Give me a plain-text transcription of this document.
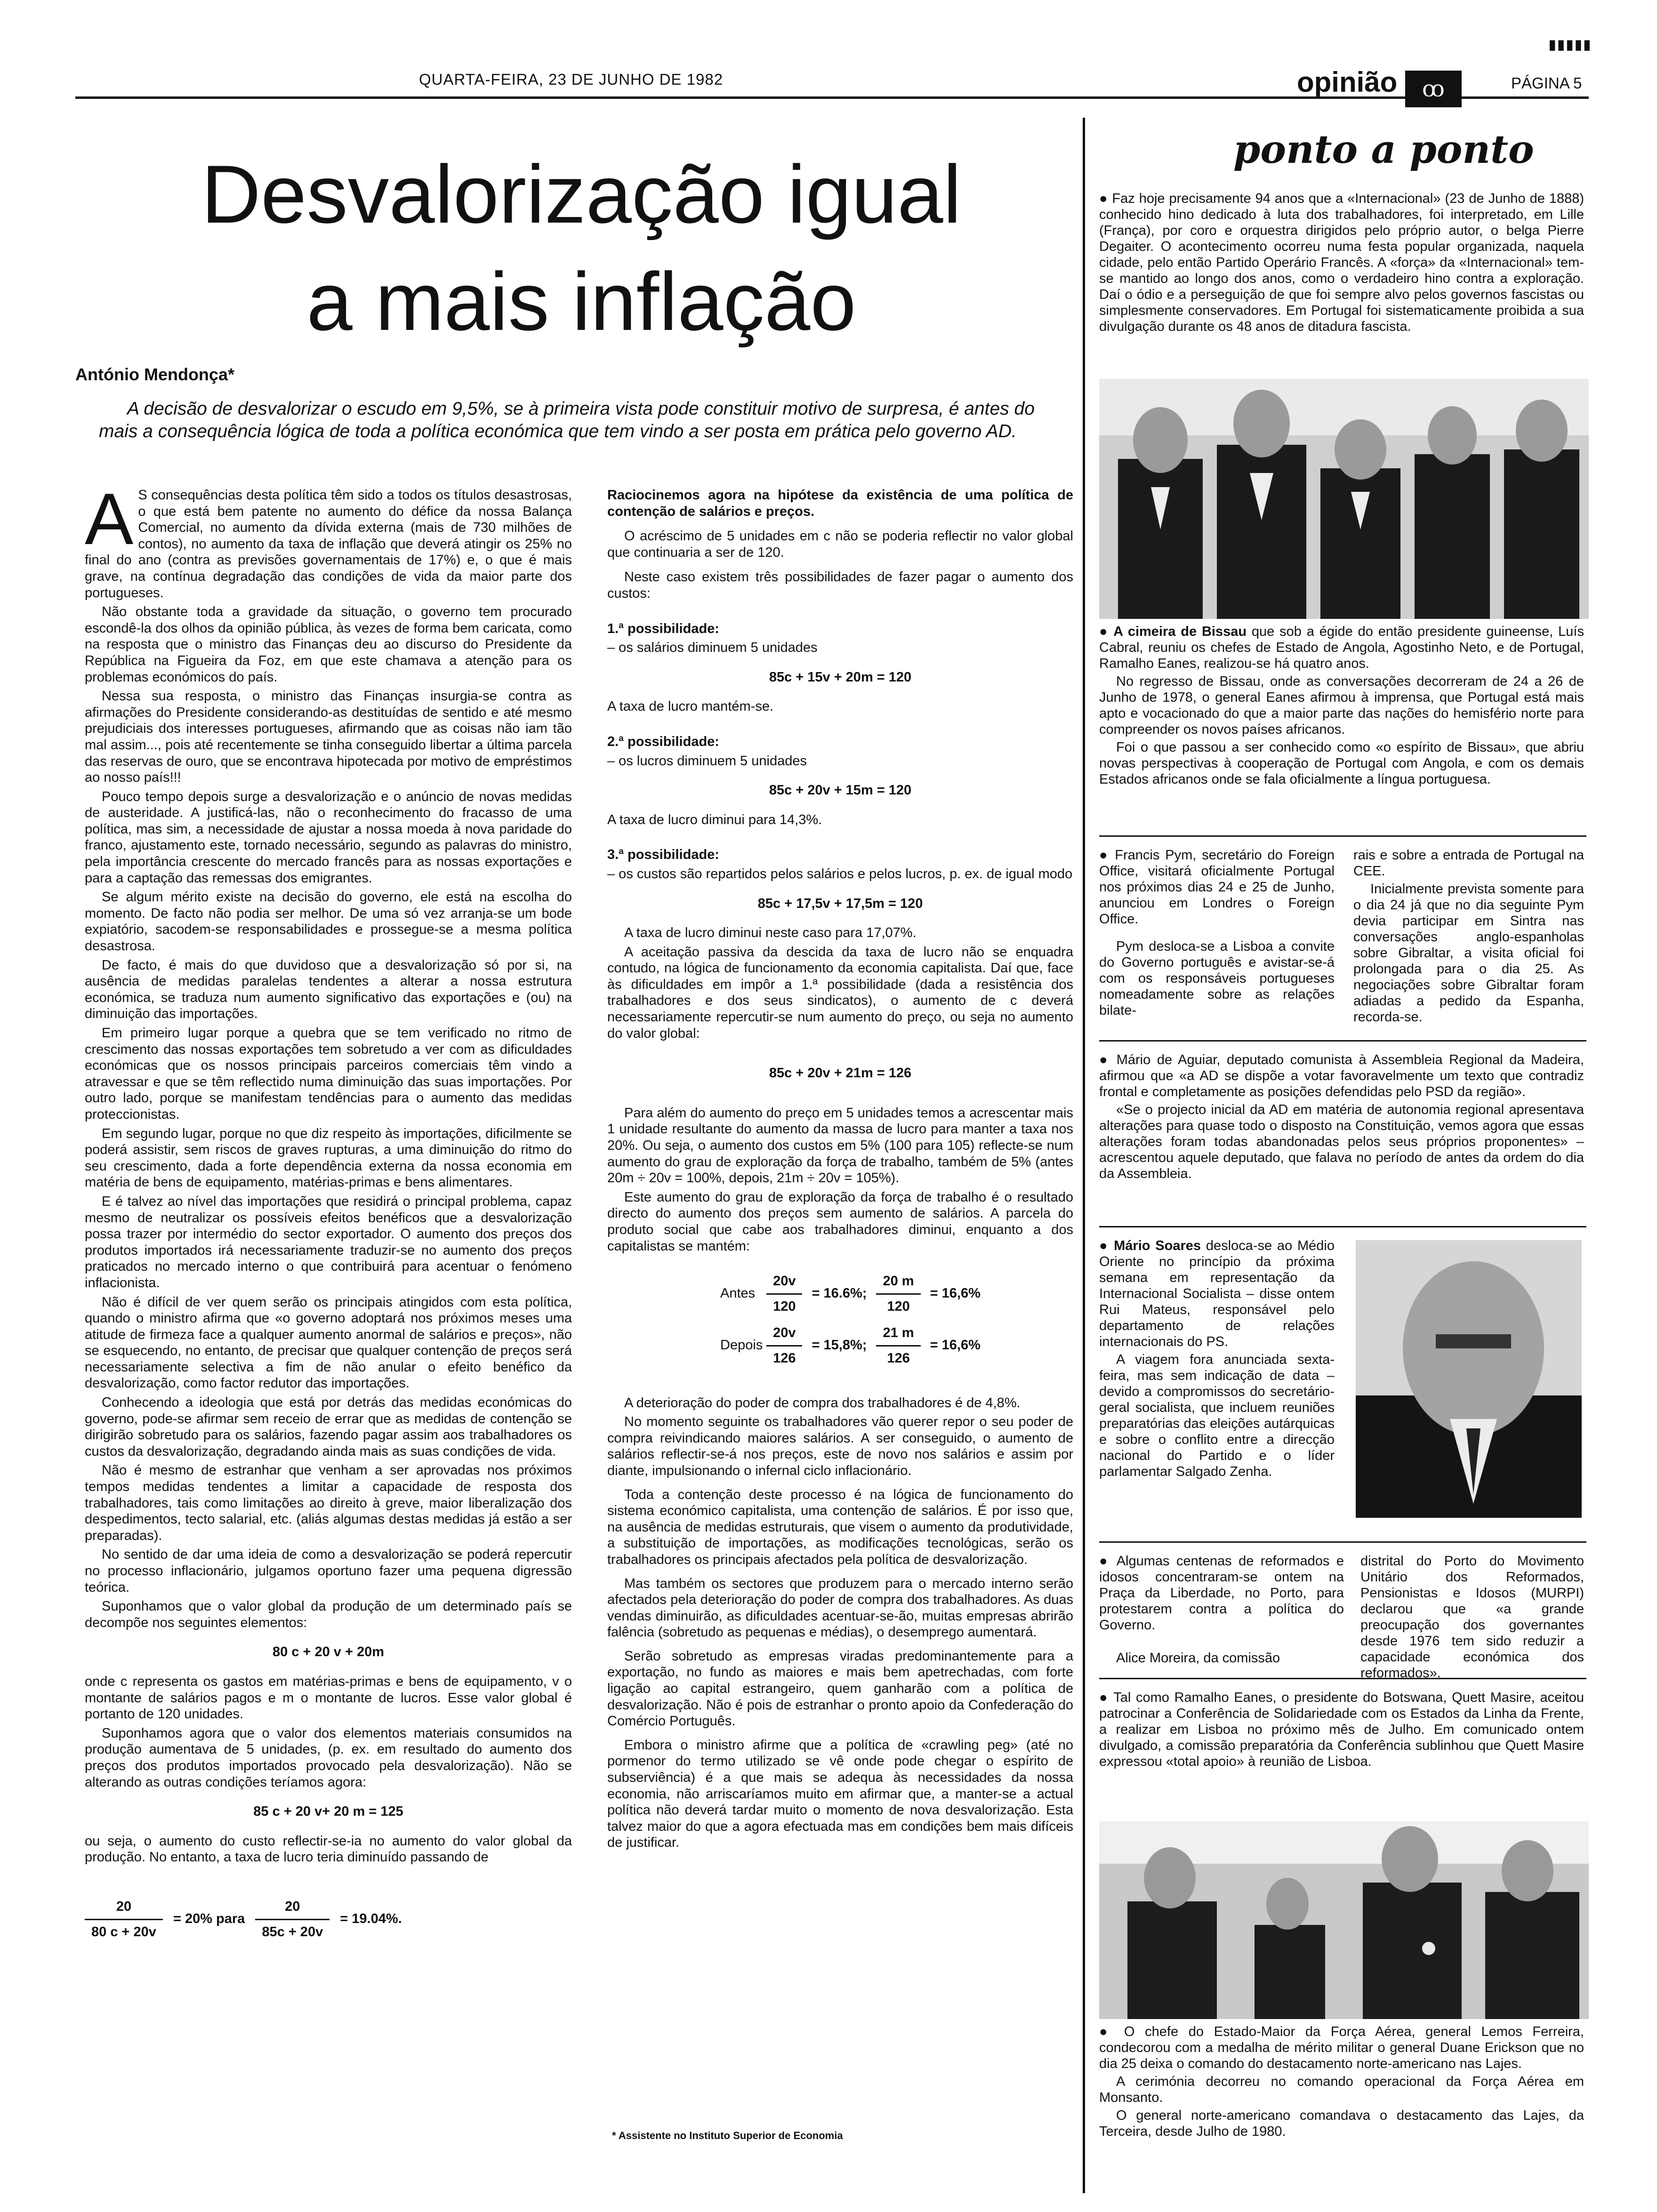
▮▮▮▮▮
QUARTA-FEIRA, 23 DE JUNHO DE 1982	opinião	ꝏ	PÁGINA 5
Desvalorização igual
a mais inflação
António Mendonça*
A decisão de desvalorizar o escudo em 9,5%, se à primeira vista pode constituir motivo de surpresa, é antes do mais a consequência lógica de toda a política económica que tem vindo a ser posta em prática pelo governo AD.

A S consequências desta política têm sido a todos os títulos desastrosas, o que está bem patente no aumento do défice da nossa Balança Comercial, no aumento da dívida externa (mais de 730 milhões de contos), no aumento da taxa de inflação que deverá atingir os 25% no final do ano (contra as previsões governamentais de 17%) e, o que é mais grave, na contínua degradação das condições de vida da maior parte dos portugueses.

Não obstante toda a gravidade da situação, o governo tem procurado escondê-la dos olhos da opinião pública, às vezes de forma bem caricata, como na resposta que o ministro das Finanças deu ao discurso do Presidente da República na Figueira da Foz, em que este chamava a atenção para os problemas económicos do país.

Nessa sua resposta, o ministro das Finanças insurgia-se contra as afirmações do Presidente considerando-as destituídas de sentido e até mesmo prejudiciais dos interesses portugueses, afirmando que as coisas não iam tão mal assim..., pois até recentemente se tinha conseguido libertar a última parcela das reservas de ouro, que se encontrava hipotecada por motivo de empréstimos ao nosso país!!!

Pouco tempo depois surge a desvalorização e o anúncio de novas medidas de austeridade. A justificá-las, não o reconhecimento do fracasso de uma política, mas sim, a necessidade de ajustar a nossa moeda à nova paridade do franco, ajustamento este, tornado necessário, segundo as palavras do ministro, pela importância crescente do mercado francês para as nossas exportações e para a captação das remessas dos emigrantes.

Se algum mérito existe na decisão do governo, ele está na escolha do momento. De facto não podia ser melhor. De uma só vez arranja-se um bode expiatório, sacodem-se responsabilidades e prossegue-se a mesma política desastrosa.

De facto, é mais do que duvidoso que a desvalorização só por si, na ausência de medidas paralelas tendentes a alterar a nossa estrutura económica, se traduza num aumento significativo das exportações e (ou) na diminuição das importações.

Em primeiro lugar porque a quebra que se tem verificado no ritmo de crescimento das nossas exportações tem sobretudo a ver com as dificuldades económicas que os nossos principais parceiros comerciais têm vindo a atravessar e que se têm reflectido numa diminuição das suas importações. Por outro lado, porque se manifestam tendências para o aumento das medidas proteccionistas.

Em segundo lugar, porque no que diz respeito às importações, dificilmente se poderá assistir, sem riscos de graves rupturas, a uma diminuição do ritmo do seu crescimento, dada a forte dependência externa da nossa economia em matéria de bens de equipamento, matérias-primas e bens alimentares.

E é talvez ao nível das importações que residirá o principal problema, capaz mesmo de neutralizar os possíveis efeitos benéficos que a desvalorização possa trazer por intermédio do sector exportador. O aumento dos preços dos produtos importados irá necessariamente traduzir-se no aumento dos preços praticados no mercado interno o que contribuirá para acentuar o fenómeno inflacionista.

Não é difícil de ver quem serão os principais atingidos com esta política, quando o ministro afirma que «o governo adoptará nos próximos meses uma atitude de firmeza face a qualquer aumento anormal de salários e preços», não se esquecendo, no entanto, de precisar que qualquer contenção de preços será necessariamente selectiva a fim de não anular o efeito benéfico da desvalorização, como factor redutor das importações.

Conhecendo a ideologia que está por detrás das medidas económicas do governo, pode-se afirmar sem receio de errar que as medidas de contenção se dirigirão sobretudo para os salários, fazendo pagar assim aos trabalhadores os custos da desvalorização, degradando ainda mais as suas condições de vida.

Não é mesmo de estranhar que venham a ser aprovadas nos próximos tempos medidas tendentes a limitar a capacidade de resposta dos trabalhadores, tais como limitações ao direito à greve, maior liberalização dos despedimentos, tecto salarial, etc. (aliás algumas destas medidas já estão a ser preparadas).

No sentido de dar uma ideia de como a desvalorização se poderá repercutir no processo inflacionário, julgamos oportuno fazer uma pequena digressão teórica.

Suponhamos que o valor global da produção de um determinado país se decompõe nos seguintes elementos:

80 c + 20 v + 20m

onde c representa os gastos em matérias-primas e bens de equipamento, v o montante de salários pagos e m o montante de lucros. Esse valor global é portanto de 120 unidades.

Suponhamos agora que o valor dos elementos materiais consumidos na produção aumentava de 5 unidades, (p. ex. em resultado do aumento dos preços dos produtos importados provocado pela desvalorização). Não se alterando as outras condições teríamos agora:

85 c + 20 v+ 20 m = 125

ou seja, o aumento do custo reflectir-se-ia no aumento do valor global da produção. No entanto, a taxa de lucro teria diminuído passando de

$\frac{20}{80 c + 20v} = 20\%$ para $\frac{20}{85c + 20v} = 19.04\%$.

Raciocinemos agora na hipótese da existência de uma política de contenção de salários e preços.

O acréscimo de 5 unidades em c não se poderia reflectir no valor global que continuaria a ser de 120.

Neste caso existem três possibilidades de fazer pagar o aumento dos custos:

1.ª possibilidade:

– os salários diminuem 5 unidades

85c + 15v + 20m = 120

A taxa de lucro mantém-se.

2.ª possibilidade:

– os lucros diminuem 5 unidades

85c + 20v + 15m = 120

A taxa de lucro diminui para 14,3%.

3.ª possibilidade:

– os custos são repartidos pelos salários e pelos lucros, p. ex. de igual modo

85c + 17,5v + 17,5m = 120

A taxa de lucro diminui neste caso para 17,07%.

A aceitação passiva da descida da taxa de lucro não se enquadra contudo, na lógica de funcionamento da economia capitalista. Daí que, face às dificuldades em impôr a 1.ª possibilidade (dada a resistência dos trabalhadores e dos seus sindicatos), o aumento de c deverá necessariamente repercutir-se num aumento do preço, ou seja no aumento do valor global:

85c + 20v + 21m = 126

Para além do aumento do preço em 5 unidades temos a acrescentar mais 1 unidade resultante do aumento da massa de lucro para manter a taxa nos 20%. Ou seja, o aumento dos custos em 5% (100 para 105) reflecte-se num aumento do grau de exploração da força de trabalho, também de 5% (antes 20m ÷ 20v = 100%, depois, 21m ÷ 20v = 105%).

Este aumento do grau de exploração da força de trabalho é o resultado directo do aumento dos preços sem aumento de salários. A parcela do produto social que cabe aos trabalhadores diminui, enquanto a dos capitalistas se mantém:

Antes $\frac{20v}{120} = 16.6\%$; $\frac{20 m}{120} = 16,6\%$
Depois $\frac{20v}{126} = 15,8\%$; $\frac{21 m}{126} = 16,6\%$

A deterioração do poder de compra dos trabalhadores é de 4,8%.

No momento seguinte os trabalhadores vão querer repor o seu poder de compra reivindicando maiores salários. A ser conseguido, o aumento de salários reflectir-se-á nos preços, este de novo nos salários e assim por diante, impulsionando o infernal ciclo inflacionário.

Toda a contenção deste processo é na lógica de funcionamento do sistema económico capitalista, uma contenção de salários. É por isso que, na ausência de medidas estruturais, que visem o aumento da produtividade, a substituição de importações, as modificações tecnológicas, serão os trabalhadores os principais afectados pela política de desvalorização.

Mas também os sectores que produzem para o mercado interno serão afectados pela deterioração do poder de compra dos trabalhadores. As duas vendas diminuirão, as dificuldades acentuar-se-ão, muitas empresas abrirão falência (sobretudo as pequenas e médias), o desemprego aumentará.

Serão sobretudo as empresas viradas predominantemente para a exportação, no fundo as maiores e mais bem apetrechadas, com forte ligação ao capital estrangeiro, quem ganharão com a política de desvalorização. Não é pois de estranhar o pronto apoio da Confederação do Comércio Português.

Embora o ministro afirme que a política de «crawling peg» (até no pormenor do termo utilizado se vê onde pode chegar o espírito de subserviência) é a que mais se adequa às necessidades da nossa economia, não arriscaríamos muito em afirmar que, a manter-se a actual política não deverá tardar muito o momento de nova desvalorização. Esta talvez maior do que a agora efectuada mas em condições bem mais difíceis de justificar.

* Assistente no Instituto Superior de Economia
ponto a ponto

● Faz hoje precisamente 94 anos que a «Internacional» (23 de Junho de 1888) conhecido hino dedicado à luta dos trabalhadores, foi interpretado, em Lille (França), por coro e orquestra dirigidos pelo próprio autor, o belga Pierre Degaiter. O acontecimento ocorreu numa festa popular organizada, naquela cidade, pelo então Partido Operário Francês. A «força» da «Internacional» tem-se mantido ao longo dos anos, como o verdadeiro hino contra a exploração. Daí o ódio e a perseguição de que foi sempre alvo pelos governos fascistas ou simplesmente conservadores. Em Portugal foi sistematicamente proibida a sua divulgação durante os 48 anos de ditadura fascista.

● A cimeira de Bissau que sob a égide do então presidente guineense, Luís Cabral, reuniu os chefes de Estado de Angola, Agostinho Neto, e de Portugal, Ramalho Eanes, realizou-se há quatro anos.

No regresso de Bissau, onde as conversações decorreram de 24 a 26 de Junho de 1978, o general Eanes afirmou à imprensa, que Portugal está mais apto e vocacionado do que a maior parte das nações do hemisfério norte para compreender os novos países africanos.

Foi o que passou a ser conhecido como «o espírito de Bissau», que abriu novas perspectivas à cooperação de Portugal com Angola, e com os demais Estados africanos onde se fala oficialmente a língua portuguesa.

● Francis Pym, secretário do Foreign Office, visitará oficialmente Portugal nos próximos dias 24 e 25 de Junho, anunciou em Londres o Foreign Office.

Pym desloca-se a Lisboa a convite do Governo português e avistar-se-á com os responsáveis portugueses nomeadamente sobre as relações bilate-

rais e sobre a entrada de Portugal na CEE.

Inicialmente prevista somente para o dia 24 já que no dia seguinte Pym devia participar em Sintra nas conversações anglo-espanholas sobre Gibraltar, a visita oficial foi prolongada para o dia 25. As negociações sobre Gibraltar foram adiadas a pedido da Espanha, recorda-se.

● Mário de Aguiar, deputado comunista à Assembleia Regional da Madeira, afirmou que «a AD se dispõe a votar favoravelmente um texto que contradiz frontal e completamente as posições defendidas pelo PSD da região».

«Se o projecto inicial da AD em matéria de autonomia regional apresentava alterações para quase todo o disposto na Constituição, vemos agora que essas alterações foram todas abandonadas pelos seus próprios proponentes» – acrescentou aquele deputado, que falava no período de antes da ordem do dia da Assembleia.

● Mário Soares desloca-se ao Médio Oriente no princípio da próxima semana em representação da Internacional Socialista – disse ontem Rui Mateus, responsável pelo departamento de relações internacionais do PS.

A viagem fora anunciada sexta-feira, mas sem indicação de data – devido a compromissos do secretário-geral socialista, que incluem reuniões preparatórias das eleições autárquicas e sobre o conflito entre a direcção nacional do Partido e o líder parlamentar Salgado Zenha.

● Algumas centenas de reformados e idosos concentraram-se ontem na Praça da Liberdade, no Porto, para protestarem contra a política do Governo.

Alice Moreira, da comissão

distrital do Porto do Movimento Unitário dos Reformados, Pensionistas e Idosos (MURPI) declarou que «a grande preocupação dos governantes desde 1976 tem sido reduzir a capacidade económica dos reformados».

● Tal como Ramalho Eanes, o presidente do Botswana, Quett Masire, aceitou patrocinar a Conferência de Solidariedade com os Estados da Linha da Frente, a realizar em Lisboa no próximo mês de Julho. Em comunicado ontem divulgado, a comissão preparatória da Conferência sublinhou que Quett Masire expressou «total apoio» à reunião de Lisboa.

● O chefe do Estado-Maior da Força Aérea, general Lemos Ferreira, condecorou com a medalha de mérito militar o general Duane Erickson que no dia 25 deixa o comando do destacamento norte-americano nas Lajes.

A cerimónia decorreu no comando operacional da Força Aérea em Monsanto.

O general norte-americano comandava o destacamento das Lajes, da Terceira, desde Julho de 1980.
